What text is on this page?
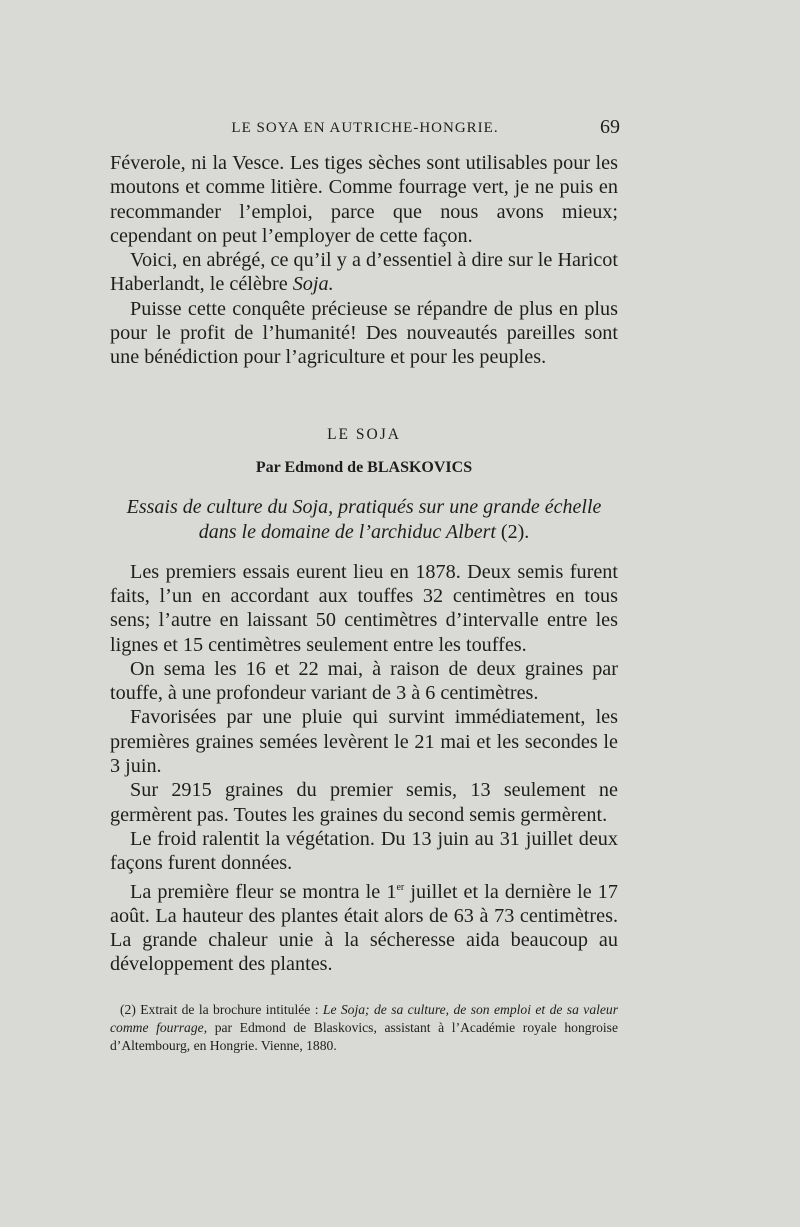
LE SOYA EN AUTRICHE-HONGRIE.	69

Féverole, ni la Vesce. Les tiges sèches sont utilisables pour les moutons et comme litière. Comme fourrage vert, je ne puis en recommander l’emploi, parce que nous avons mieux; cependant on peut l’employer de cette façon.

Voici, en abrégé, ce qu’il y a d’essentiel à dire sur le Haricot Haberlandt, le célèbre Soja.

Puisse cette conquête précieuse se répandre de plus en plus pour le profit de l’humanité! Des nouveautés pareilles sont une bénédiction pour l’agriculture et pour les peuples.

LE SOJA
Par Edmond de BLASKOVICS
Essais de culture du Soja, pratiqués sur une grande échelle dans le domaine de l’archiduc Albert (2).

Les premiers essais eurent lieu en 1878. Deux semis furent faits, l’un en accordant aux touffes 32 centimètres en tous sens; l’autre en laissant 50 centimètres d’intervalle entre les lignes et 15 centimètres seulement entre les touffes.

On sema les 16 et 22 mai, à raison de deux graines par touffe, à une profondeur variant de 3 à 6 centimètres.

Favorisées par une pluie qui survint immédiatement, les premières graines semées levèrent le 21 mai et les secondes le 3 juin.

Sur 2915 graines du premier semis, 13 seulement ne germèrent pas. Toutes les graines du second semis germèrent.

Le froid ralentit la végétation. Du 13 juin au 31 juillet deux façons furent données.

La première fleur se montra le 1er juillet et la dernière le 17 août. La hauteur des plantes était alors de 63 à 73 centimètres. La grande chaleur unie à la sécheresse aida beaucoup au développement des plantes.

(2) Extrait de la brochure intitulée : Le Soja; de sa culture, de son emploi et de sa valeur comme fourrage, par Edmond de Blaskovics, assistant à l’Académie royale hongroise d’Altembourg, en Hongrie. Vienne, 1880.
